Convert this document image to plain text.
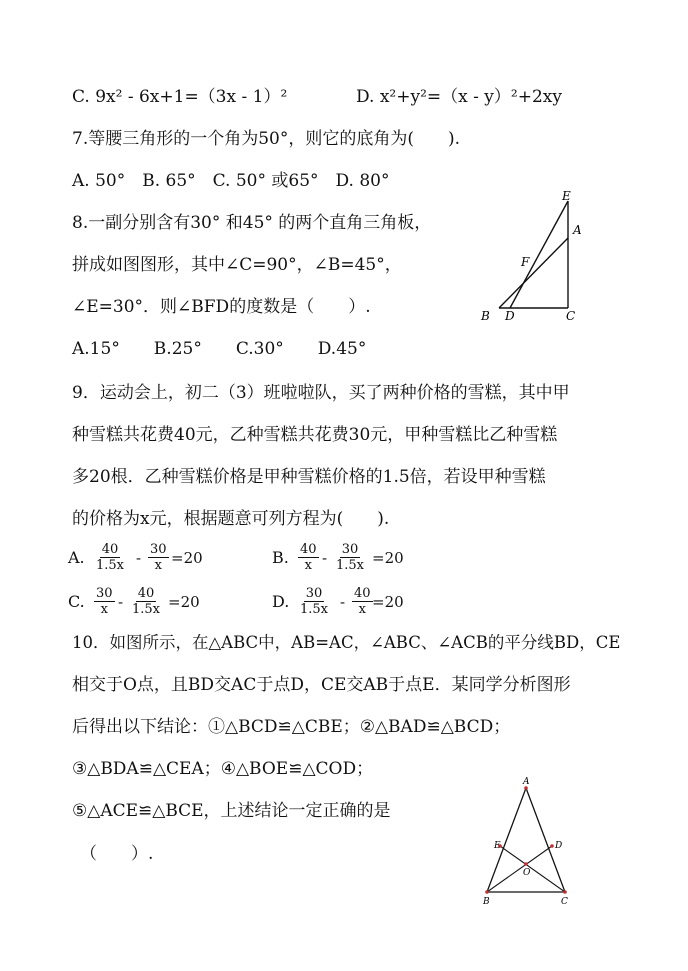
C. 9x² - 6x+1=（3x - 1）²	D. x²+y²=（x - y）²+2xy
7.等腰三角形的一个角为50°，则它的底角为(　　).
A. 50°　B. 65°　C. 50° 或65°　D. 80°
8.一副分别含有30° 和45° 的两个直角三角板，
拼成如图图形，其中∠C=90°，∠B=45°，
∠E=30°．则∠BFD的度数是（　　）.
A.15°　　B.25°　　C.30°　　D.45°
E
A
F
B D	C
9．运动会上，初二（3）班啦啦队，买了两种价格的雪糕，其中甲
种雪糕共花费40元，乙种雪糕共花费30元，甲种雪糕比乙种雪糕
多20根．乙种雪糕价格是甲种雪糕价格的1.5倍，若设甲种雪糕
的价格为x元，根据题意可列方程为(　　).
A. $\frac{40}{1.5x} - \frac{30}{x} =20$	B. $\frac{40}{x} - \frac{30}{1.5x} =20$
C. $\frac{30}{x} - \frac{40}{1.5x} =20$	D. $\frac{30}{1.5x} - \frac{40}{x} =20$
10．如图所示，在△ABC中，AB=AC，∠ABC、∠ACB的平分线BD，CE
相交于O点，且BD交AC于点D，CE交AB于点E．某同学分析图形
后得出以下结论：①△BCD≌△CBE；②△BAD≌△BCD；
③△BDA≌△CEA；④△BOE≌△COD；
⑤△ACE≌△BCE，上述结论一定正确的是
（　　）.
A
E	D
O
B	C
